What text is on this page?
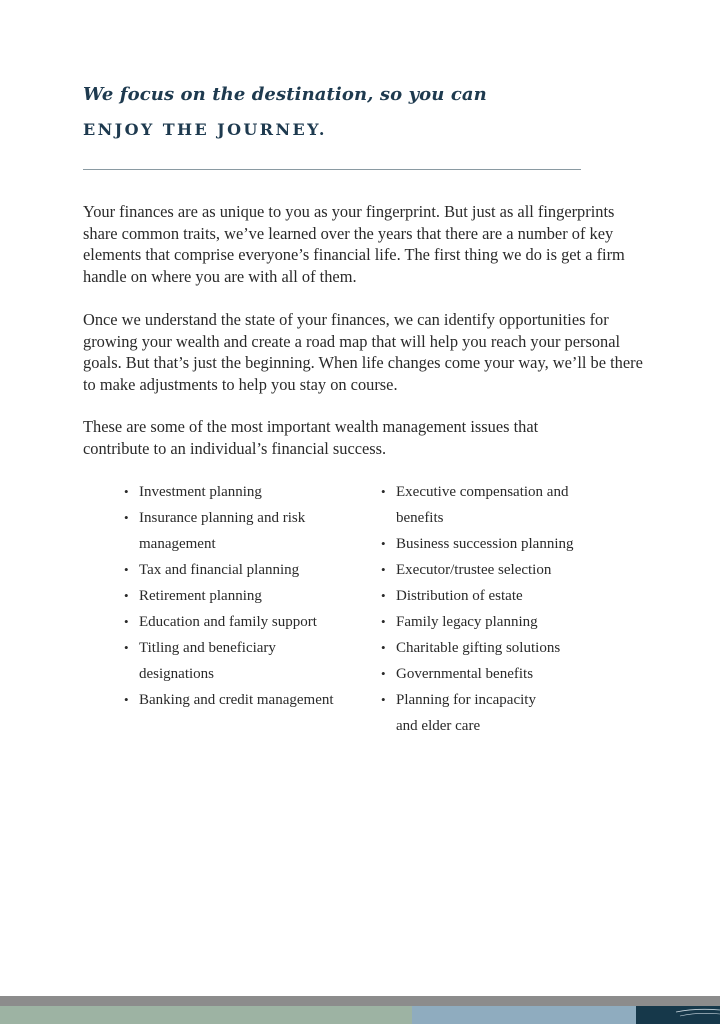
We focus on the destination, so you can
ENJOY THE JOURNEY.

Your finances are as unique to you as your fingerprint. But just as all fingerprints share common traits, we’ve learned over the years that there are a number of key elements that comprise everyone’s financial life. The first thing we do is get a firm handle on where you are with all of them.

Once we understand the state of your finances, we can identify opportunities for growing your wealth and create a road map that will help you reach your personal goals. But that’s just the beginning. When life changes come your way, we’ll be there to make adjustments to help you stay on course.

These are some of the most important wealth management issues that contribute to an individual’s financial success.

• Investment planning
• Insurance planning and risk management
• Tax and financial planning
• Retirement planning
• Education and family support
• Titling and beneficiary designations
• Banking and credit management
• Executive compensation and benefits
• Business succession planning
• Executor/trustee selection
• Distribution of estate
• Family legacy planning
• Charitable gifting solutions
• Governmental benefits
• Planning for incapacity and elder care
